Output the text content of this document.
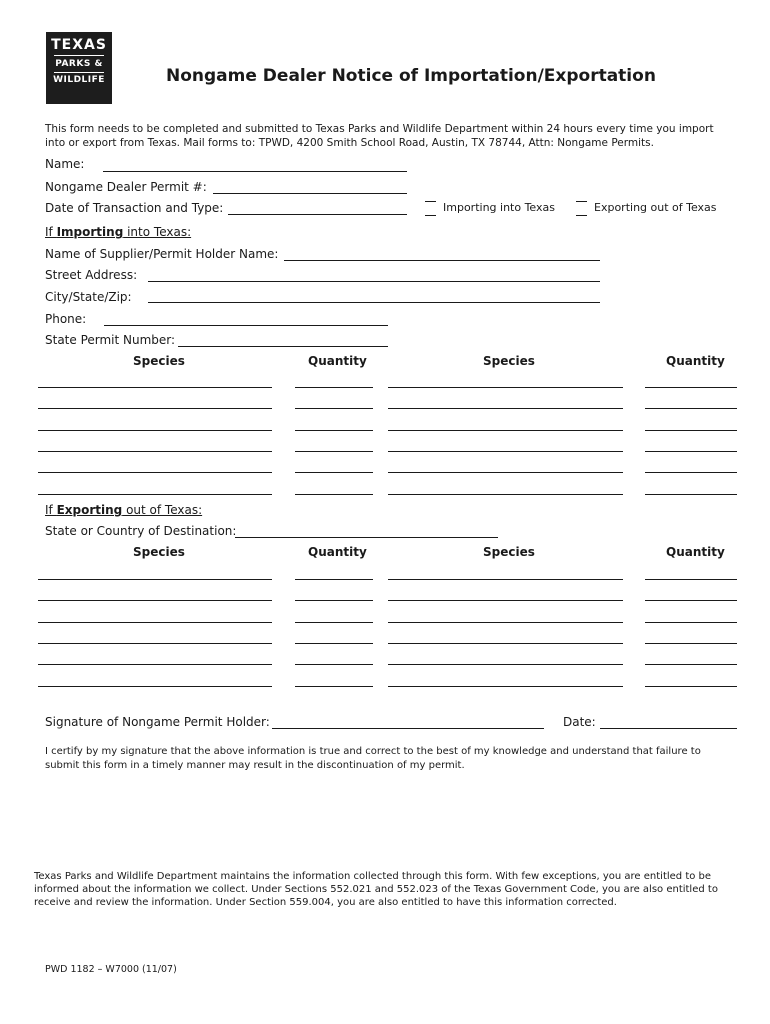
TEXAS
PARKS &
WILDLIFE	Nongame Dealer Notice of Importation/Exportation
This form needs to be completed and submitted to Texas Parks and Wildlife Department within 24 hours every time you import into or export from Texas. Mail forms to: TPWD, 4200 Smith School Road, Austin, TX 78744, Attn: Nongame Permits.
Name:
Nongame Dealer Permit #:
Date of Transaction and Type:	Importing into Texas	Exporting out of Texas
If Importing into Texas:
Name of Supplier/Permit Holder Name:
Street Address:
City/State/Zip:
Phone:
State Permit Number:
Species	Quantity	Species	Quantity
If Exporting out of Texas:
State or Country of Destination:
Species	Quantity	Species	Quantity
Signature of Nongame Permit Holder:	Date:
I certify by my signature that the above information is true and correct to the best of my knowledge and understand that failure to submit this form in a timely manner may result in the discontinuation of my permit.
Texas Parks and Wildlife Department maintains the information collected through this form. With few exceptions, you are entitled to be informed about the information we collect. Under Sections 552.021 and 552.023 of the Texas Government Code, you are also entitled to receive and review the information. Under Section 559.004, you are also entitled to have this information corrected.
PWD 1182 – W7000 (11/07)
